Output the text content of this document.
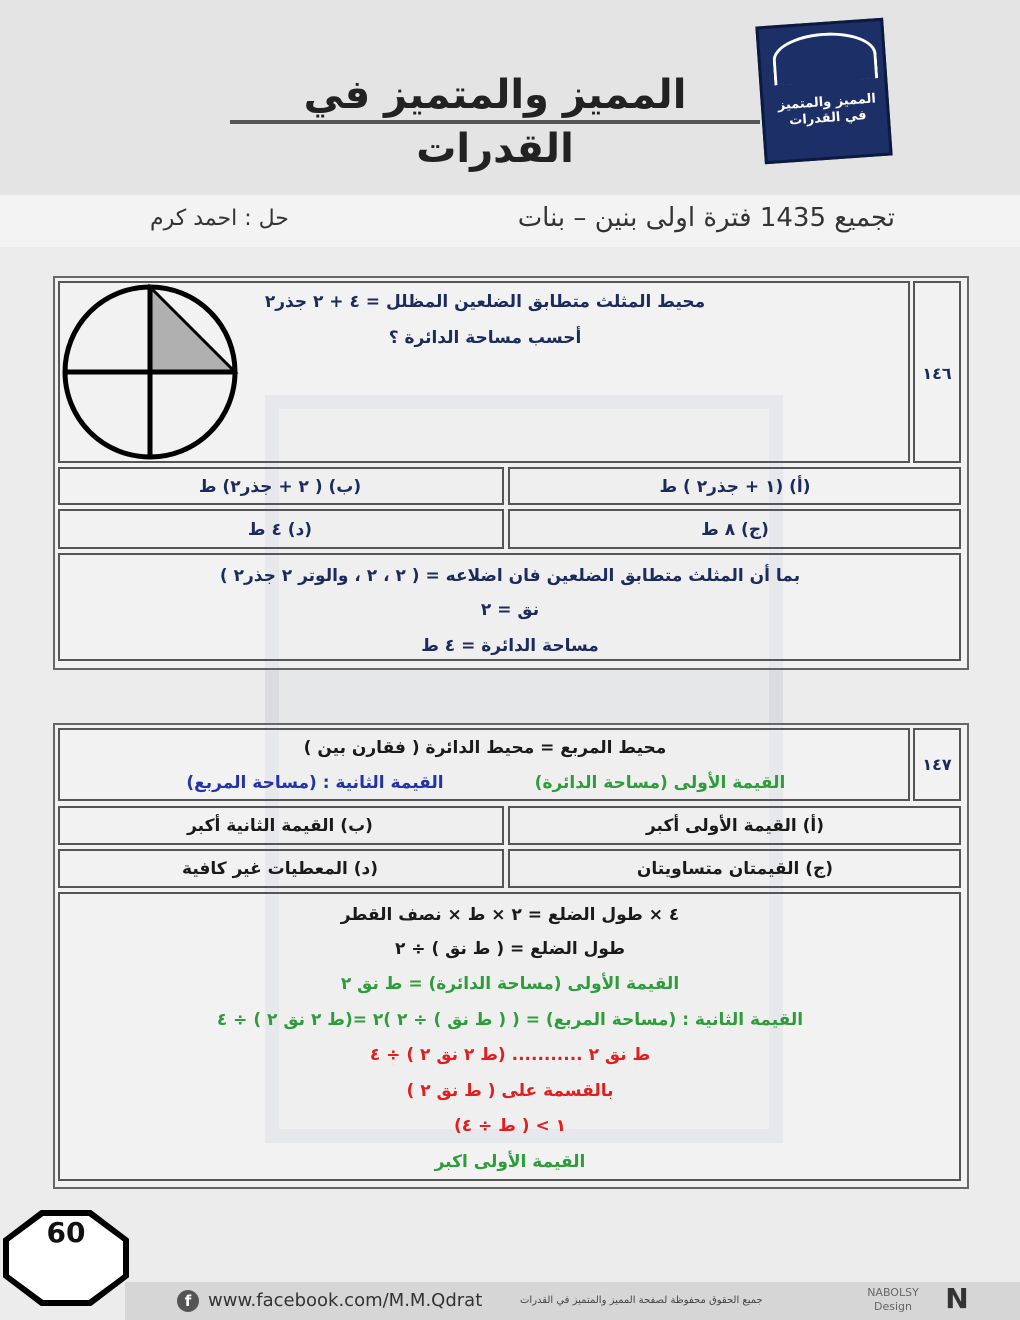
المميز والمتميز في القدرات
المميز والمتميز في القدرات
تجميع 1435 فترة اولى بنين – بنات
حل : احمد كرم
١٤٦
محيط المثلث متطابق الضلعين المظلل = ٤ + ٢ جذر٢
أحسب مساحة الدائرة ؟
(أ) (١ + جذر٢ ) ط
(ب) ( ٢ + جذر٢) ط
(ج) ٨ ط
(د) ٤ ط
بما أن المثلث متطابق الضلعين فان اضلاعه = ( ٢ ، ٢ ، والوتر ٢ جذر٢ )
نق = ٢
مساحة الدائرة = ٤ ط
١٤٧
محيط المربع = محيط الدائرة ( فقارن بين )
القيمة الأولى (مساحة الدائرة)
القيمة الثانية : (مساحة المربع)
(أ) القيمة الأولى أكبر
(ب) القيمة الثانية أكبر
(ج) القيمتان متساويتان
(د) المعطيات غير كافية
٤ × طول الضلع = ٢ × ط × نصف القطر
طول الضلع = ( ط نق ) ÷ ٢
القيمة الأولى (مساحة الدائرة) = ط نق ٢
القيمة الثانية : (مساحة المربع) = ( ( ط نق ) ÷ ٢ )٢ =(ط ٢ نق ٢ ) ÷ ٤
ط نق ٢ ........... (ط ٢ نق ٢ ) ÷ ٤
بالقسمة على ( ط نق ٢ )
١ > ( ط ÷ ٤)
القيمة الأولى اكبر
60
f www.facebook.com/M.M.Qdrat	جميع الحقوق محفوظة لصفحة المميز والمتميز في القدرات
NABOLSY
Design	N
